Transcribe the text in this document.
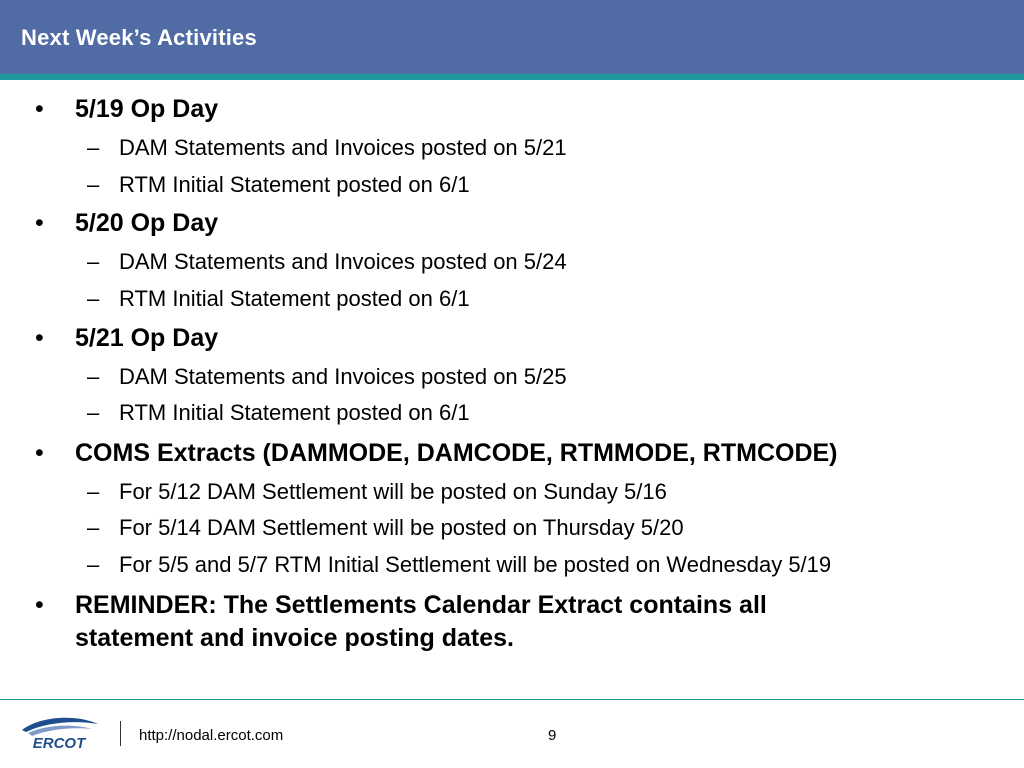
Next Week’s Activities
• 5/19 Op Day
– DAM Statements and Invoices posted on 5/21
– RTM Initial Statement posted on 6/1
• 5/20 Op Day
– DAM Statements and Invoices posted on 5/24
– RTM Initial Statement posted on 6/1
• 5/21 Op Day
– DAM Statements and Invoices posted on 5/25
– RTM Initial Statement posted on 6/1
• COMS Extracts (DAMMODE, DAMCODE, RTMMODE, RTMCODE)
– For 5/12 DAM Settlement will be posted on Sunday 5/16
– For 5/14 DAM Settlement will be posted on Thursday 5/20
– For 5/5 and 5/7 RTM Initial Settlement will be posted on Wednesday 5/19
• REMINDER: The Settlements Calendar Extract contains all
statement and invoice posting dates.
ERCOT	http://nodal.ercot.com	9
